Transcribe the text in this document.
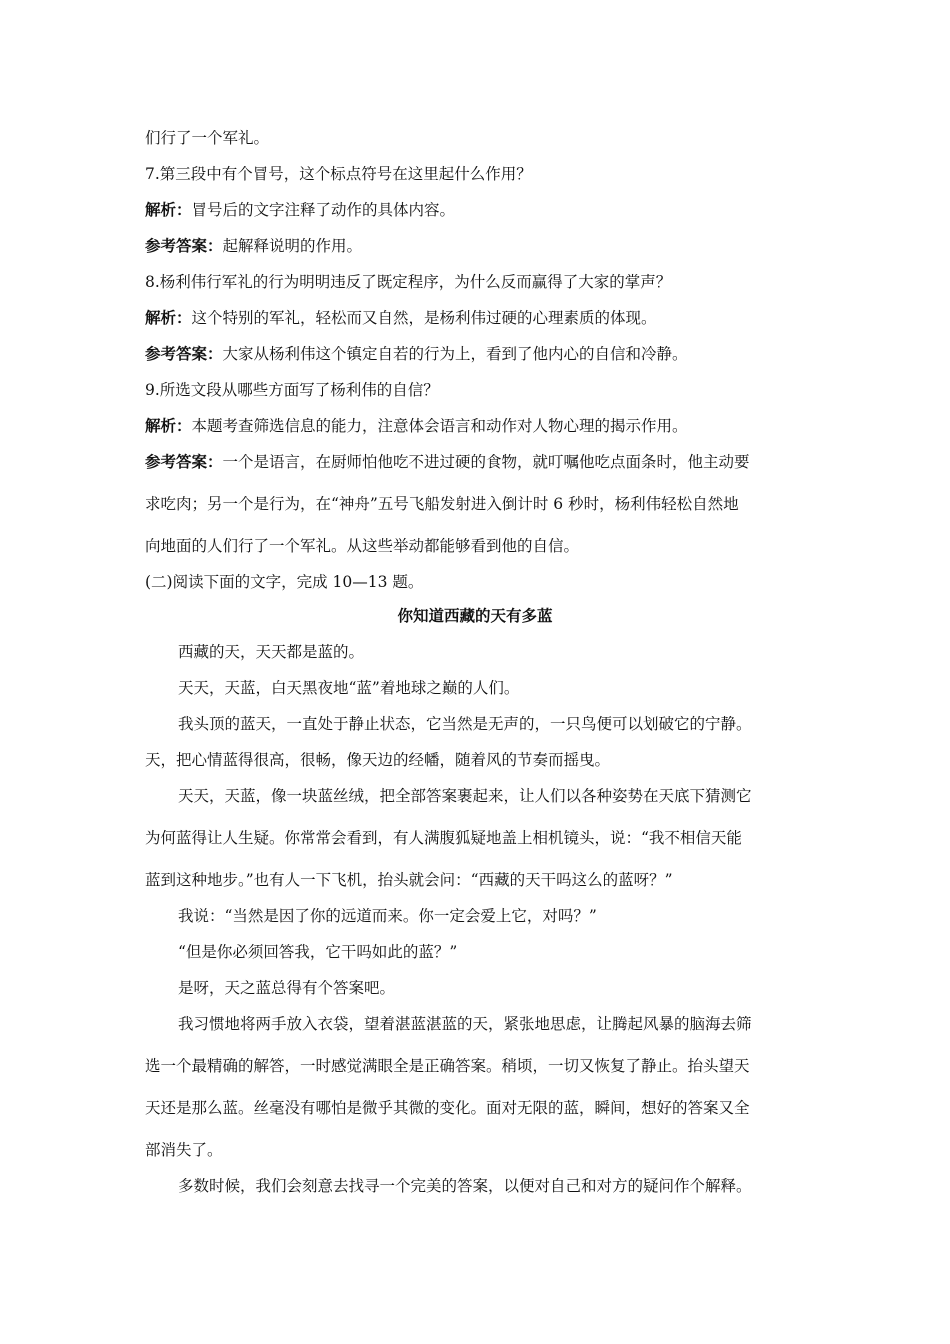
们行了一个军礼。
7.第三段中有个冒号，这个标点符号在这里起什么作用？
解析：冒号后的文字注释了动作的具体内容。
参考答案：起解释说明的作用。
8.杨利伟行军礼的行为明明违反了既定程序，为什么反而赢得了大家的掌声？
解析：这个特别的军礼，轻松而又自然，是杨利伟过硬的心理素质的体现。
参考答案：大家从杨利伟这个镇定自若的行为上，看到了他内心的自信和冷静。
9.所选文段从哪些方面写了杨利伟的自信？
解析：本题考查筛选信息的能力，注意体会语言和动作对人物心理的揭示作用。
参考答案：一个是语言，在厨师怕他吃不进过硬的食物，就叮嘱他吃点面条时，他主动要
求吃肉；另一个是行为，在“神舟”五号飞船发射进入倒计时 6 秒时，杨利伟轻松自然地
向地面的人们行了一个军礼。从这些举动都能够看到他的自信。
(二)阅读下面的文字，完成 10—13 题。
你知道西藏的天有多蓝
西藏的天，天天都是蓝的。
天天，天蓝，白天黑夜地“蓝”着地球之巅的人们。
我头顶的蓝天，一直处于静止状态，它当然是无声的，一只鸟便可以划破它的宁静。
天，把心情蓝得很高，很畅，像天边的经幡，随着风的节奏而摇曳。
天天，天蓝，像一块蓝丝绒，把全部答案裹起来，让人们以各种姿势在天底下猜测它
为何蓝得让人生疑。你常常会看到，有人满腹狐疑地盖上相机镜头，说：“我不相信天能
蓝到这种地步。”也有人一下飞机，抬头就会问：“西藏的天干吗这么的蓝呀？”
我说：“当然是因了你的远道而来。你一定会爱上它，对吗？”
“但是你必须回答我，它干吗如此的蓝？”
是呀，天之蓝总得有个答案吧。
我习惯地将两手放入衣袋，望着湛蓝湛蓝的天，紧张地思虑，让腾起风暴的脑海去筛
选一个最精确的解答，一时感觉满眼全是正确答案。稍顷，一切又恢复了静止。抬头望天
天还是那么蓝。丝毫没有哪怕是微乎其微的变化。面对无限的蓝，瞬间，想好的答案又全
部消失了。
多数时候，我们会刻意去找寻一个完美的答案，以便对自己和对方的疑问作个解释。
